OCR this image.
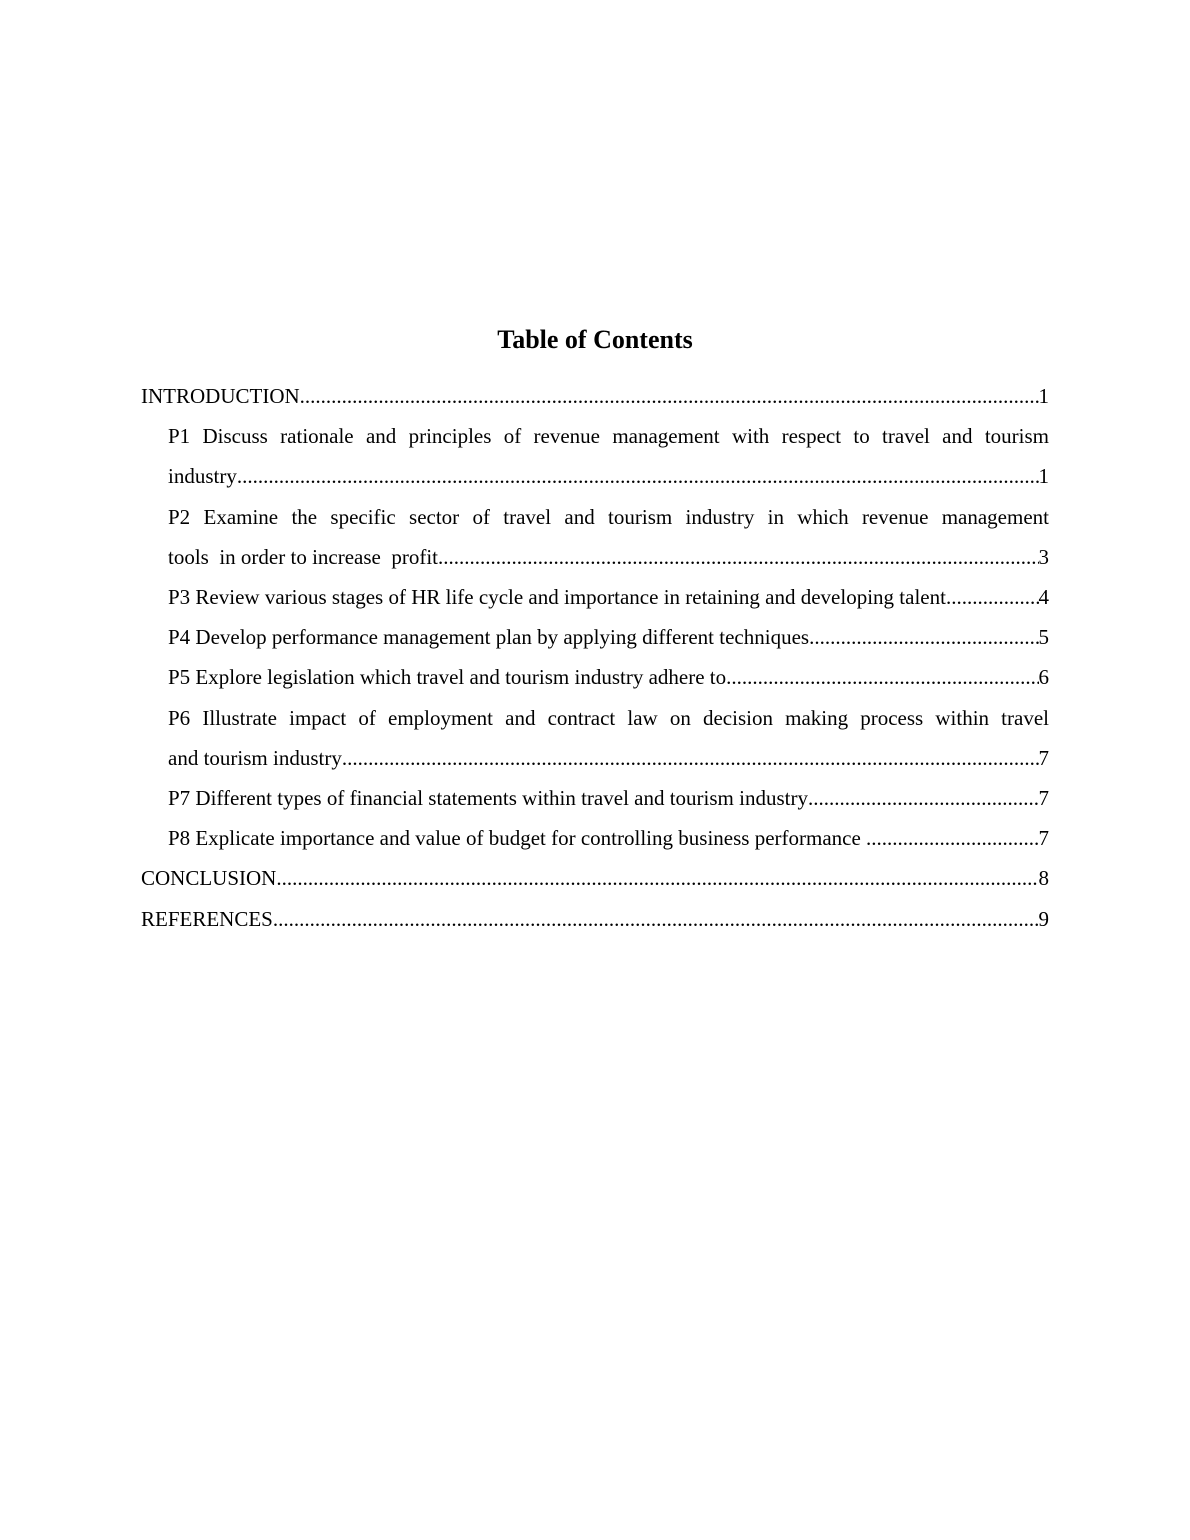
Table of Contents
INTRODUCTION .....	1
P1 Discuss rationale and principles of revenue management with respect to travel and tourism
industry .....	1
P2 Examine the specific sector of travel and tourism industry in which revenue management
tools  in order to increase  profit .....	3
P3 Review various stages of HR life cycle and importance in retaining and developing talent. .....	4
P4 Develop performance management plan by applying different techniques .....	5
P5 Explore legislation which travel and tourism industry adhere to .....	6
P6 Illustrate impact of employment and contract law on decision making process within travel
and tourism industry .....	7
P7 Different types of financial statements within travel and tourism industry .....	7
P8 Explicate importance and value of budget for controlling business performance .....	7
CONCLUSION .....	8
REFERENCES .....	9
